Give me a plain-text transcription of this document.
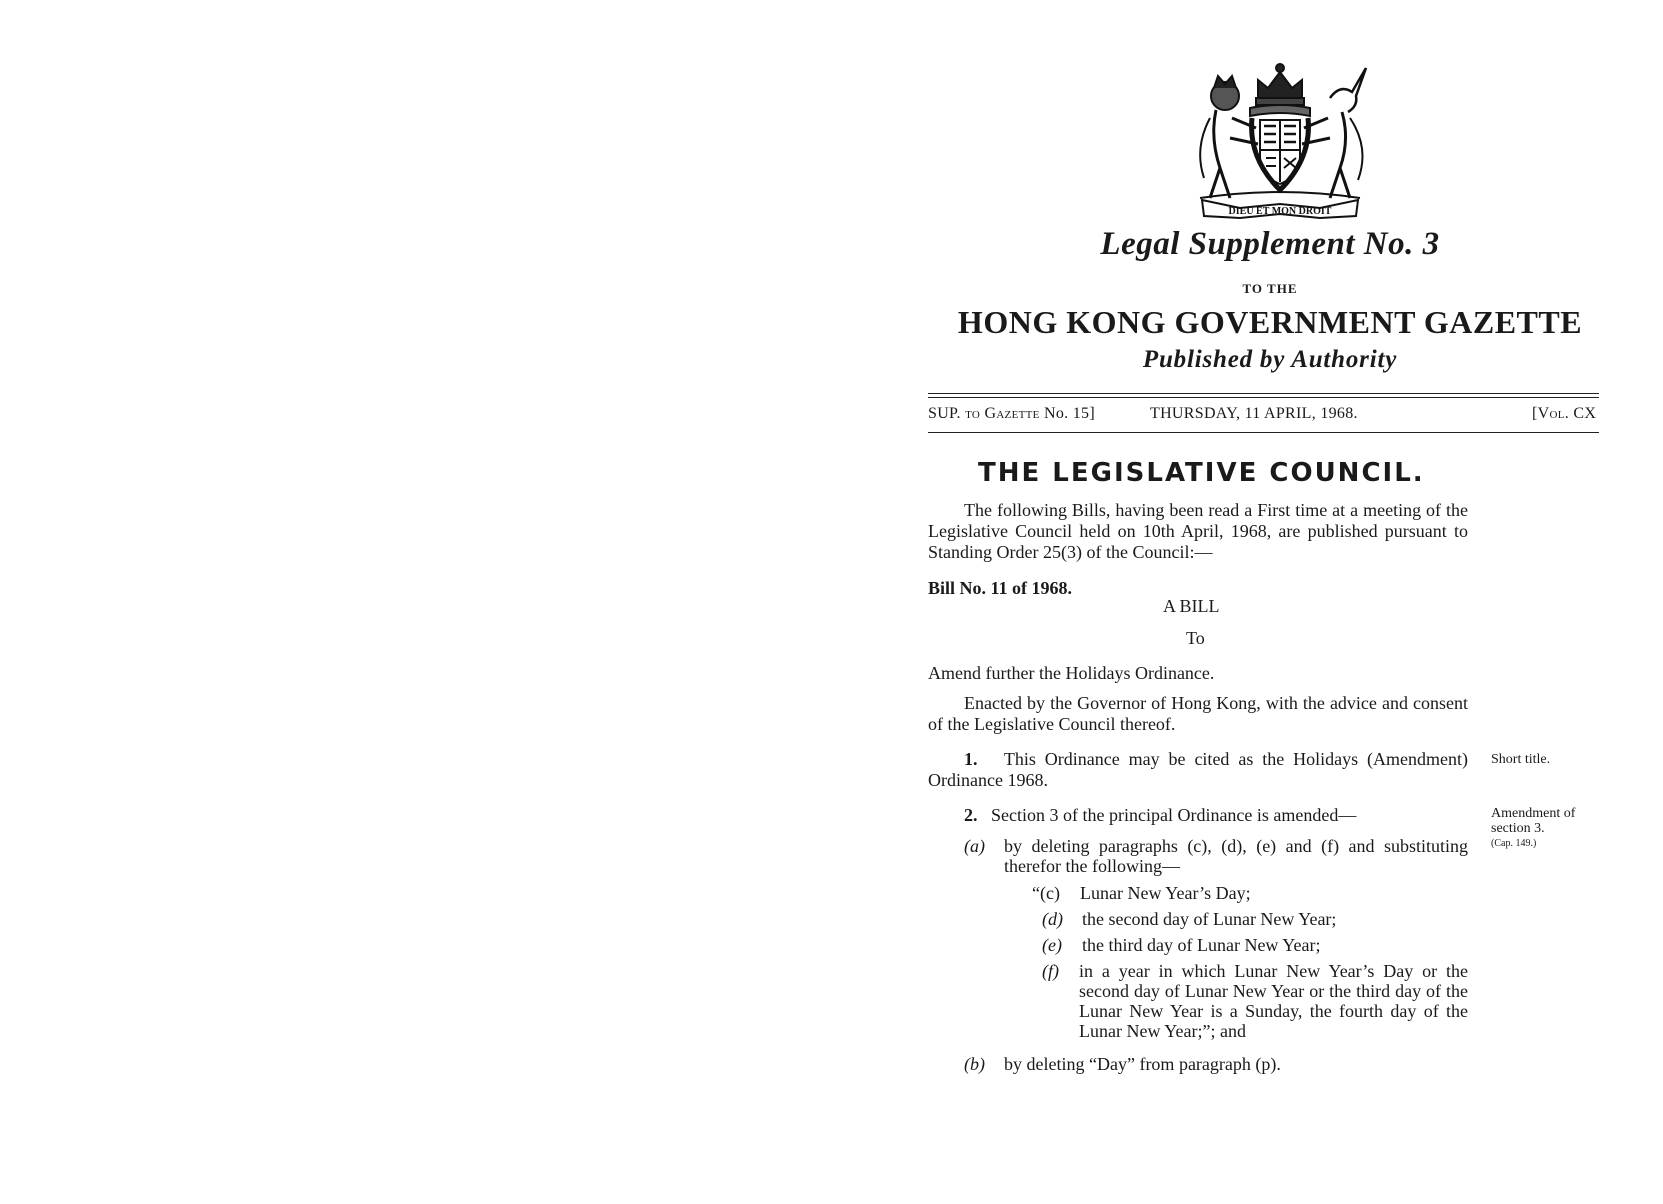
DIEU ET MON DROIT
Legal Supplement No. 3
TO THE
HONG KONG GOVERNMENT GAZETTE
Published by Authority
SUP. to Gazette No. 15]	THURSDAY, 11 APRIL, 1968.	[Vol. CX
THE LEGISLATIVE COUNCIL.
The following Bills, having been read a First time at a meeting of the Legislative Council held on 10th April, 1968, are published pursuant to Standing Order 25(3) of the Council:—
Bill No. 11 of 1968.
A BILL
To
Amend further the Holidays Ordinance.
Enacted by the Governor of Hong Kong, with the advice and consent of the Legislative Council thereof.
1. This Ordinance may be cited as the Holidays (Amendment) Ordinance 1968.
Short title.
2. Section 3 of the principal Ordinance is amended—	Amendment of
section 3.
(Cap. 149.)
(a) by deleting paragraphs (c), (d), (e) and (f) and substituting therefor the following—
“(c) Lunar New Year’s Day;
(d) the second day of Lunar New Year;
(e) the third day of Lunar New Year;
(f) in a year in which Lunar New Year’s Day or the second day of Lunar New Year or the third day of the Lunar New Year is a Sunday, the fourth day of the Lunar New Year;”; and
(b) by deleting “Day” from paragraph (p).
